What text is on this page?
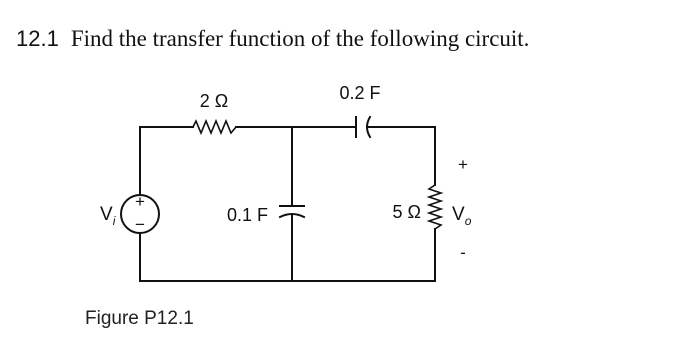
12.1 Find the transfer function of the following circuit.
+
−
$V_i$
2 Ω	0.2 F
0.1 F	5 Ω
+
$V_o$
-
Figure P12.1
